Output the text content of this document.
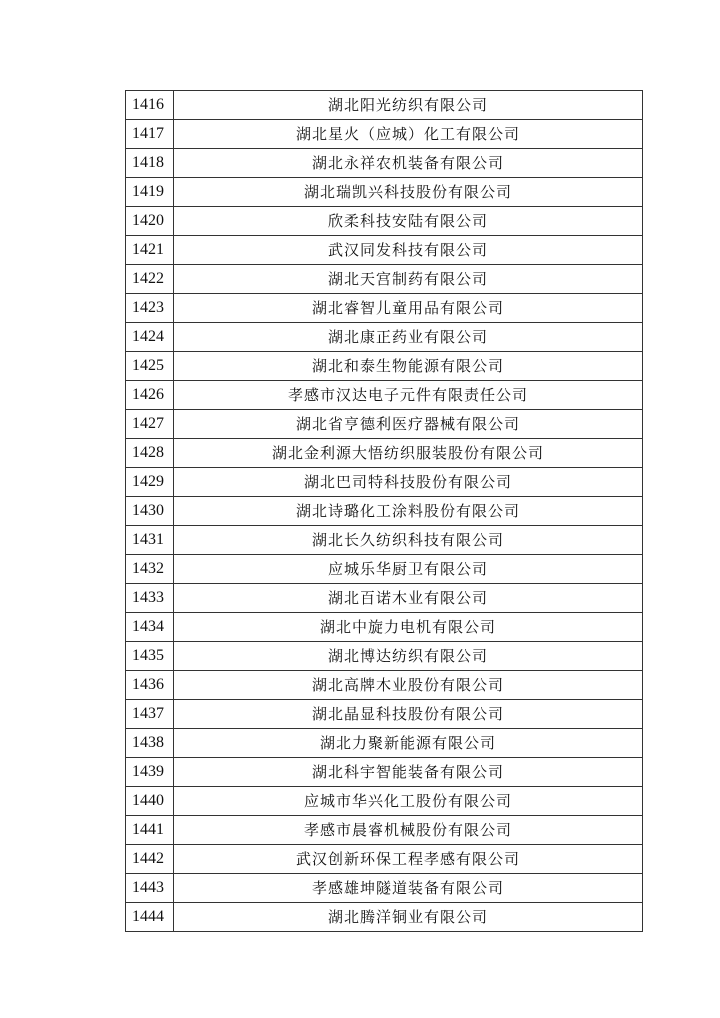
1416	湖北阳光纺织有限公司
1417	湖北星火（应城）化工有限公司
1418	湖北永祥农机装备有限公司
1419	湖北瑞凯兴科技股份有限公司
1420	欣柔科技安陆有限公司
1421	武汉同发科技有限公司
1422	湖北天宫制药有限公司
1423	湖北睿智儿童用品有限公司
1424	湖北康正药业有限公司
1425	湖北和泰生物能源有限公司
1426	孝感市汉达电子元件有限责任公司
1427	湖北省亨德利医疗器械有限公司
1428	湖北金利源大悟纺织服装股份有限公司
1429	湖北巴司特科技股份有限公司
1430	湖北诗璐化工涂料股份有限公司
1431	湖北长久纺织科技有限公司
1432	应城乐华厨卫有限公司
1433	湖北百诺木业有限公司
1434	湖北中旋力电机有限公司
1435	湖北博达纺织有限公司
1436	湖北高牌木业股份有限公司
1437	湖北晶显科技股份有限公司
1438	湖北力聚新能源有限公司
1439	湖北科宇智能装备有限公司
1440	应城市华兴化工股份有限公司
1441	孝感市晨睿机械股份有限公司
1442	武汉创新环保工程孝感有限公司
1443	孝感雄坤隧道装备有限公司
1444	湖北腾洋铜业有限公司
